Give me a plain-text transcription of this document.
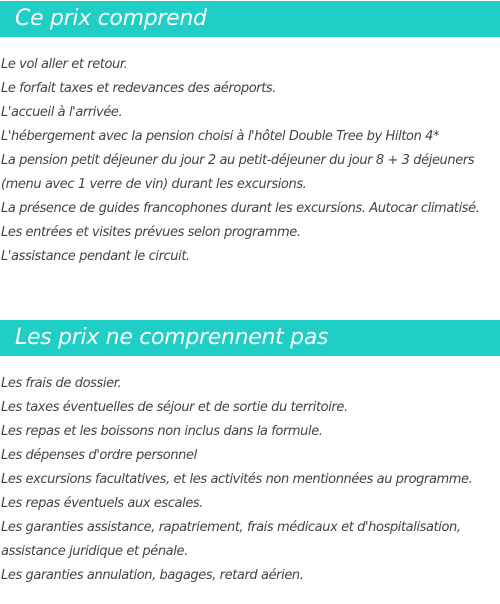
Ce prix comprend
Le vol aller et retour.
Le forfait taxes et redevances des aéroports.
L'accueil à l'arrivée.
L'hébergement avec la pension choisi à l'hôtel Double Tree by Hilton 4*
La pension petit déjeuner du jour 2 au petit-déjeuner du jour 8 + 3 déjeuners
(menu avec 1 verre de vin) durant les excursions.
La présence de guides francophones durant les excursions. Autocar climatisé.
Les entrées et visites prévues selon programme.
L'assistance pendant le circuit.
Les prix ne comprennent pas
Les frais de dossier.
Les taxes éventuelles de séjour et de sortie du territoire.
Les repas et les boissons non inclus dans la formule.
Les dépenses d'ordre personnel
Les excursions facultatives, et les activités non mentionnées au programme.
Les repas éventuels aux escales.
Les garanties assistance, rapatriement, frais médicaux et d'hospitalisation,
assistance juridique et pénale.
Les garanties annulation, bagages, retard aérien.
